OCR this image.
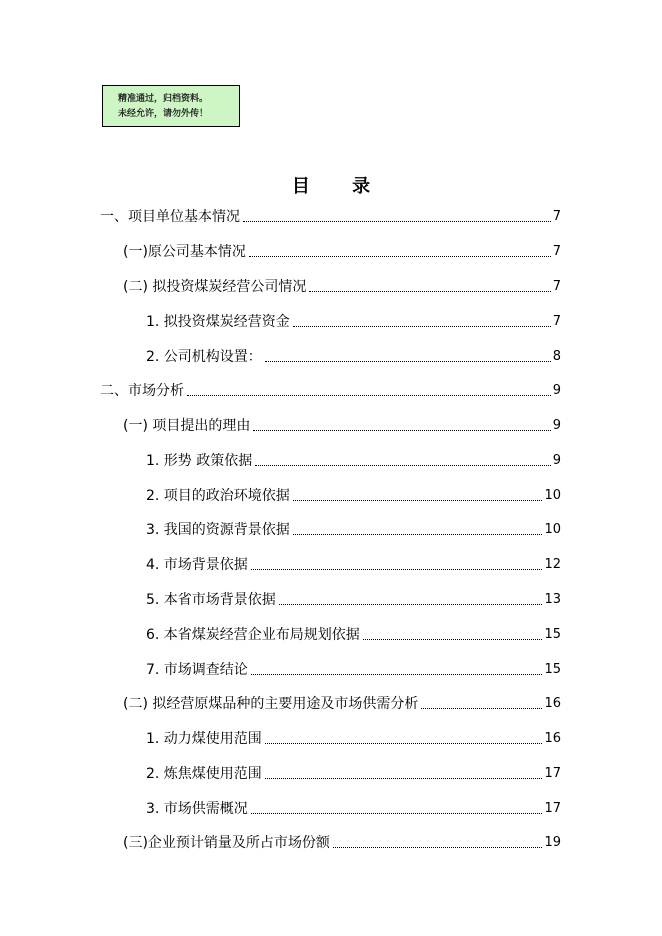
精准通过，归档资料。
未经允许，请勿外传！
目 录
一、项目单位基本情况	7
(一)原公司基本情况	7
(二) 拟投资煤炭经营公司情况	7
1. 拟投资煤炭经营资金	7
2. 公司机构设置：	8
二、市场分析	9
(一) 项目提出的理由	9
1. 形势 政策依据	9
2. 项目的政治环境依据	10
3. 我国的资源背景依据	10
4. 市场背景依据	12
5. 本省市场背景依据	13
6. 本省煤炭经营企业布局规划依据	15
7. 市场调查结论	15
(二) 拟经营原煤品种的主要用途及市场供需分析	16
1. 动力煤使用范围	16
2. 炼焦煤使用范围	17
3. 市场供需概况	17
(三)企业预计销量及所占市场份额	19
